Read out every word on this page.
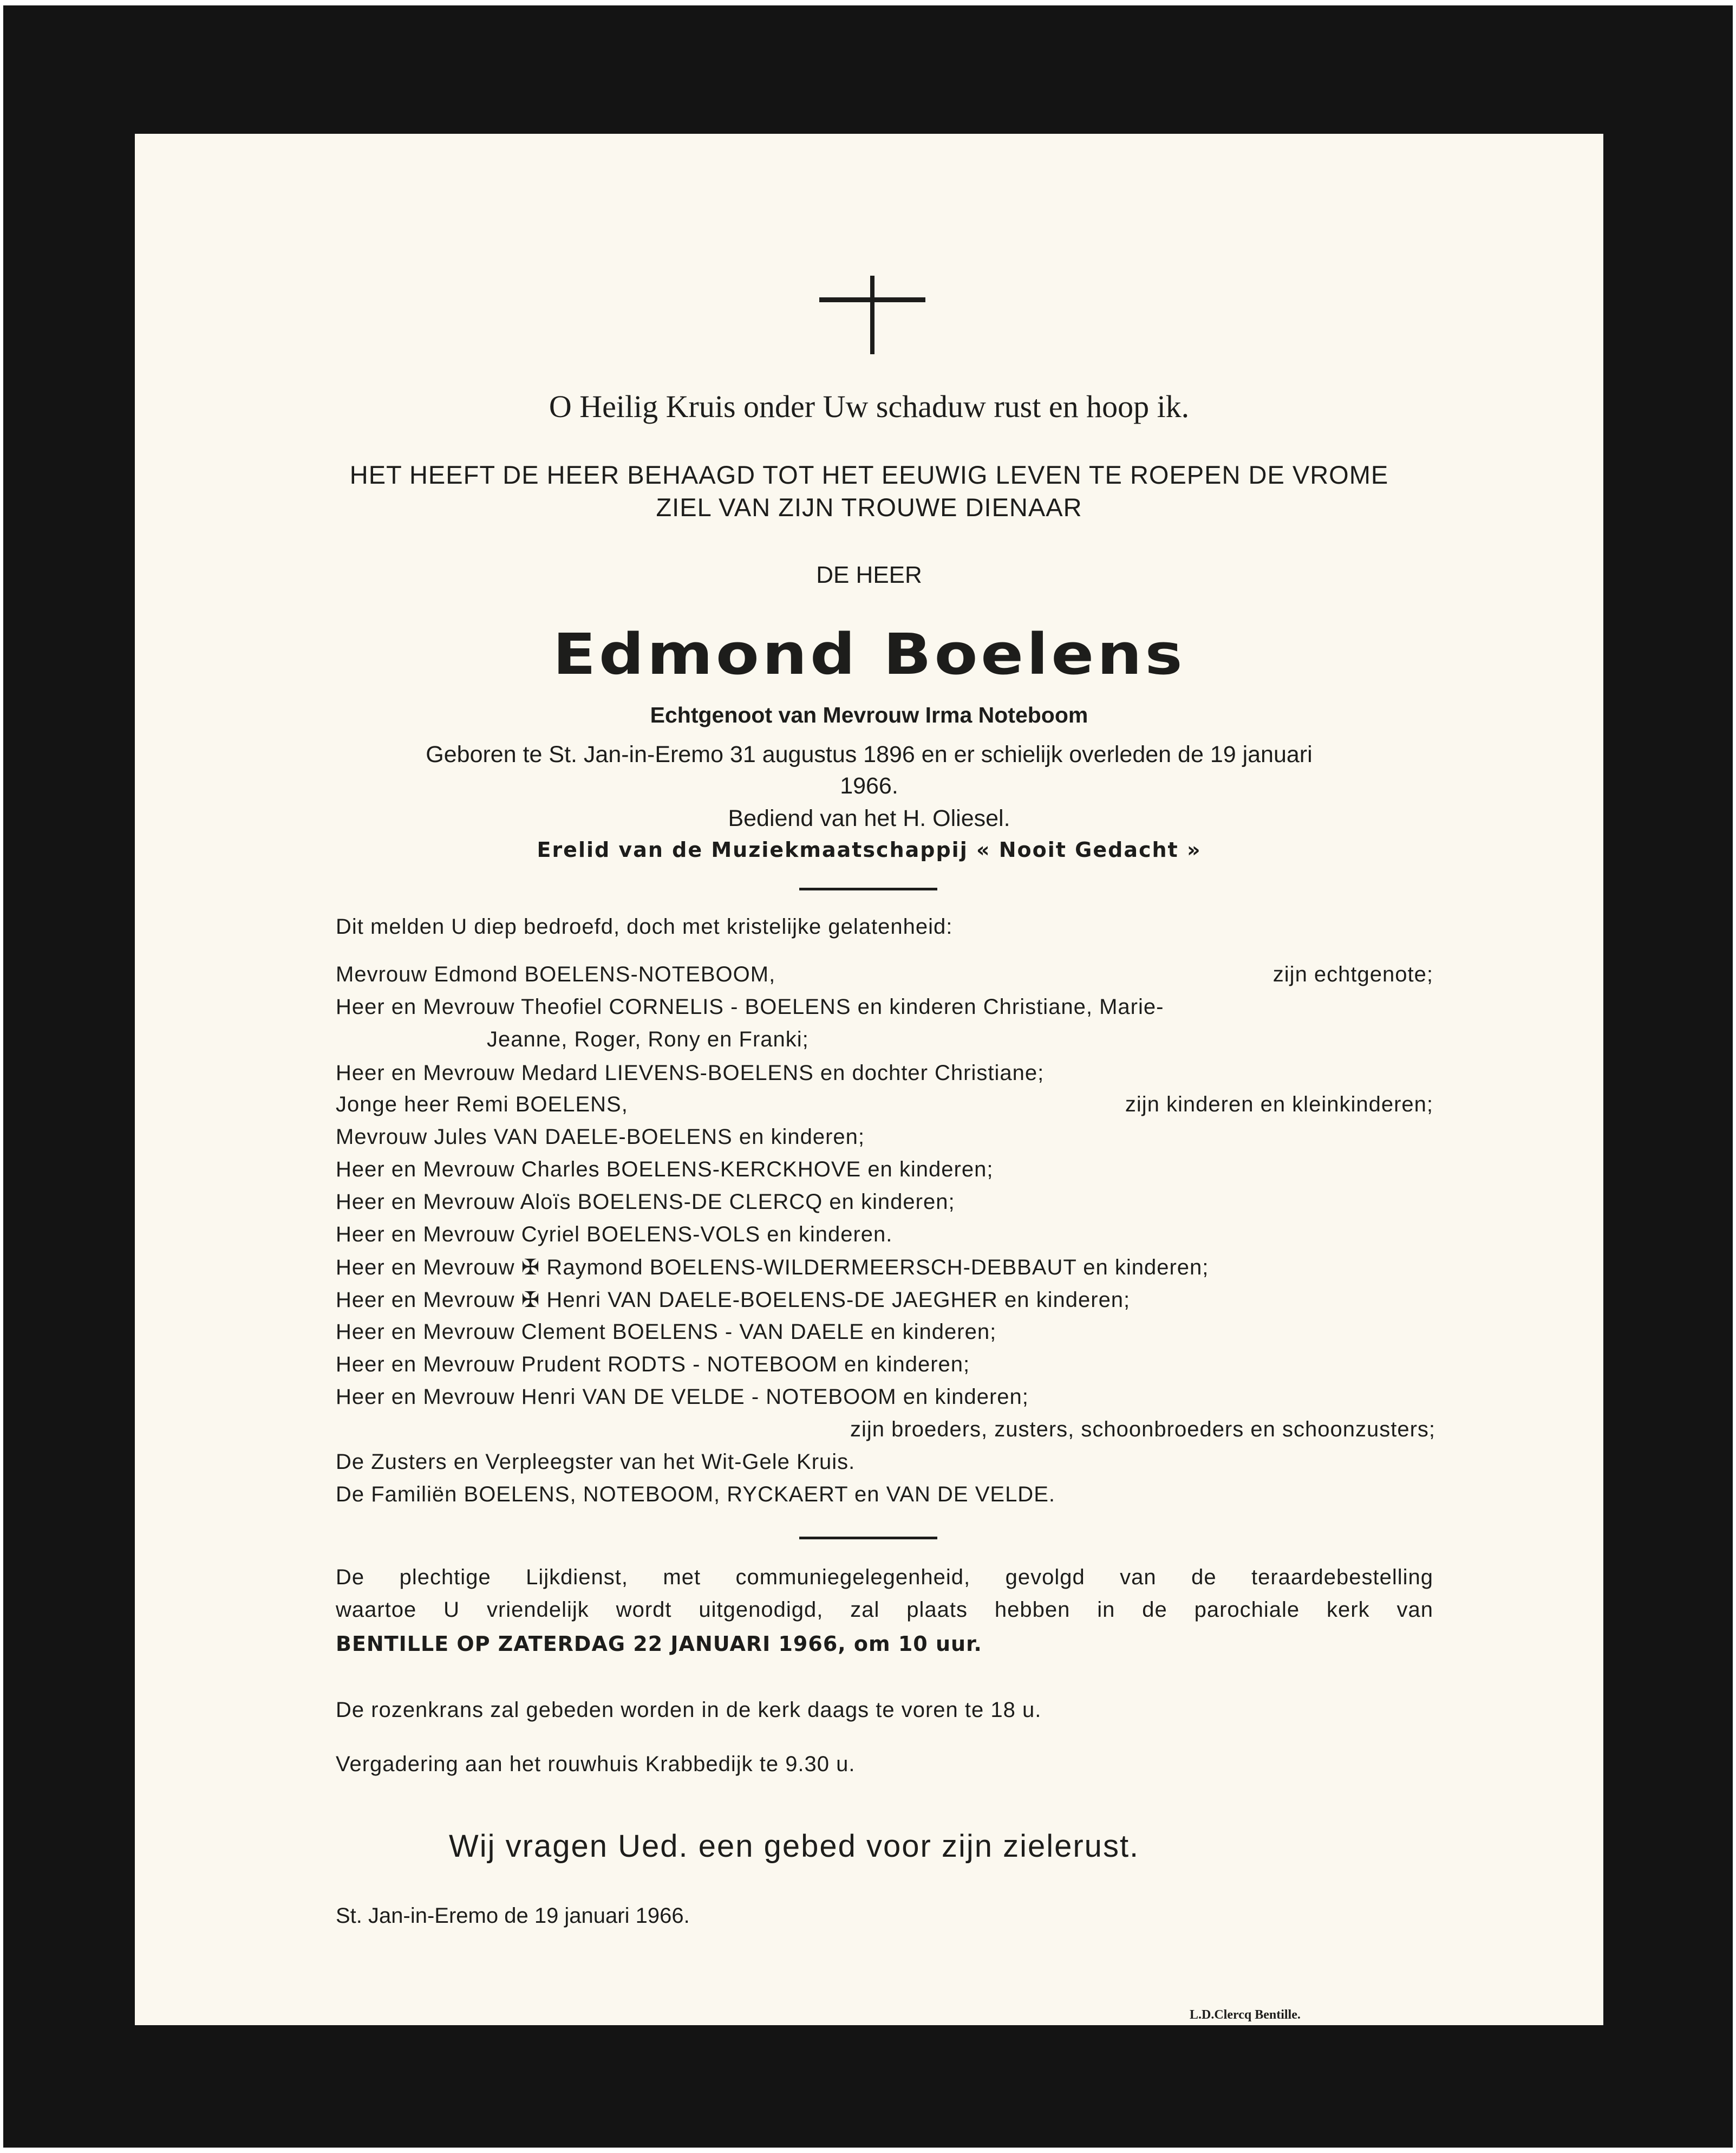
O Heilig Kruis onder Uw schaduw rust en hoop ik.
HET HEEFT DE HEER BEHAAGD TOT HET EEUWIG LEVEN TE ROEPEN DE VROME
ZIEL VAN ZIJN TROUWE DIENAAR
DE HEER
Edmond Boelens
Echtgenoot van Mevrouw Irma Noteboom
Geboren te St. Jan-in-Eremo 31 augustus 1896 en er schielijk overleden de 19 januari
1966.
Bediend van het H. Oliesel.
Erelid van de Muziekmaatschappij « Nooit Gedacht »
Dit melden U diep bedroefd, doch met kristelijke gelatenheid:
Mevrouw Edmond BOELENS-NOTEBOOM,	zijn echtgenote;
Heer en Mevrouw Theofiel CORNELIS - BOELENS en kinderen Christiane, Marie-
Jeanne, Roger, Rony en Franki;
Heer en Mevrouw Medard LIEVENS-BOELENS en dochter Christiane;
Jonge heer Remi BOELENS,	zijn kinderen en kleinkinderen;
Mevrouw Jules VAN DAELE-BOELENS en kinderen;
Heer en Mevrouw Charles BOELENS-KERCKHOVE en kinderen;
Heer en Mevrouw Aloïs BOELENS-DE CLERCQ en kinderen;
Heer en Mevrouw Cyriel BOELENS-VOLS en kinderen.
Heer en Mevrouw ✠ Raymond BOELENS-WILDERMEERSCH-DEBBAUT en kinderen;
Heer en Mevrouw ✠ Henri VAN DAELE-BOELENS-DE JAEGHER en kinderen;
Heer en Mevrouw Clement BOELENS - VAN DAELE en kinderen;
Heer en Mevrouw Prudent RODTS - NOTEBOOM en kinderen;
Heer en Mevrouw Henri VAN DE VELDE - NOTEBOOM en kinderen;
zijn broeders, zusters, schoonbroeders en schoonzusters;
De Zusters en Verpleegster van het Wit-Gele Kruis.
De Familiën BOELENS, NOTEBOOM, RYCKAERT en VAN DE VELDE.
De plechtige Lijkdienst, met communiegelegenheid, gevolgd van de teraardebestelling
waartoe U vriendelijk wordt uitgenodigd, zal plaats hebben in de parochiale kerk van
BENTILLE OP ZATERDAG 22 JANUARI 1966, om 10 uur.
De rozenkrans zal gebeden worden in de kerk daags te voren te 18 u.
Vergadering aan het rouwhuis Krabbedijk te 9.30 u.
Wij vragen Ued. een gebed voor zijn zielerust.
St. Jan-in-Eremo de 19 januari 1966.
L.D.Clercq Bentille.
